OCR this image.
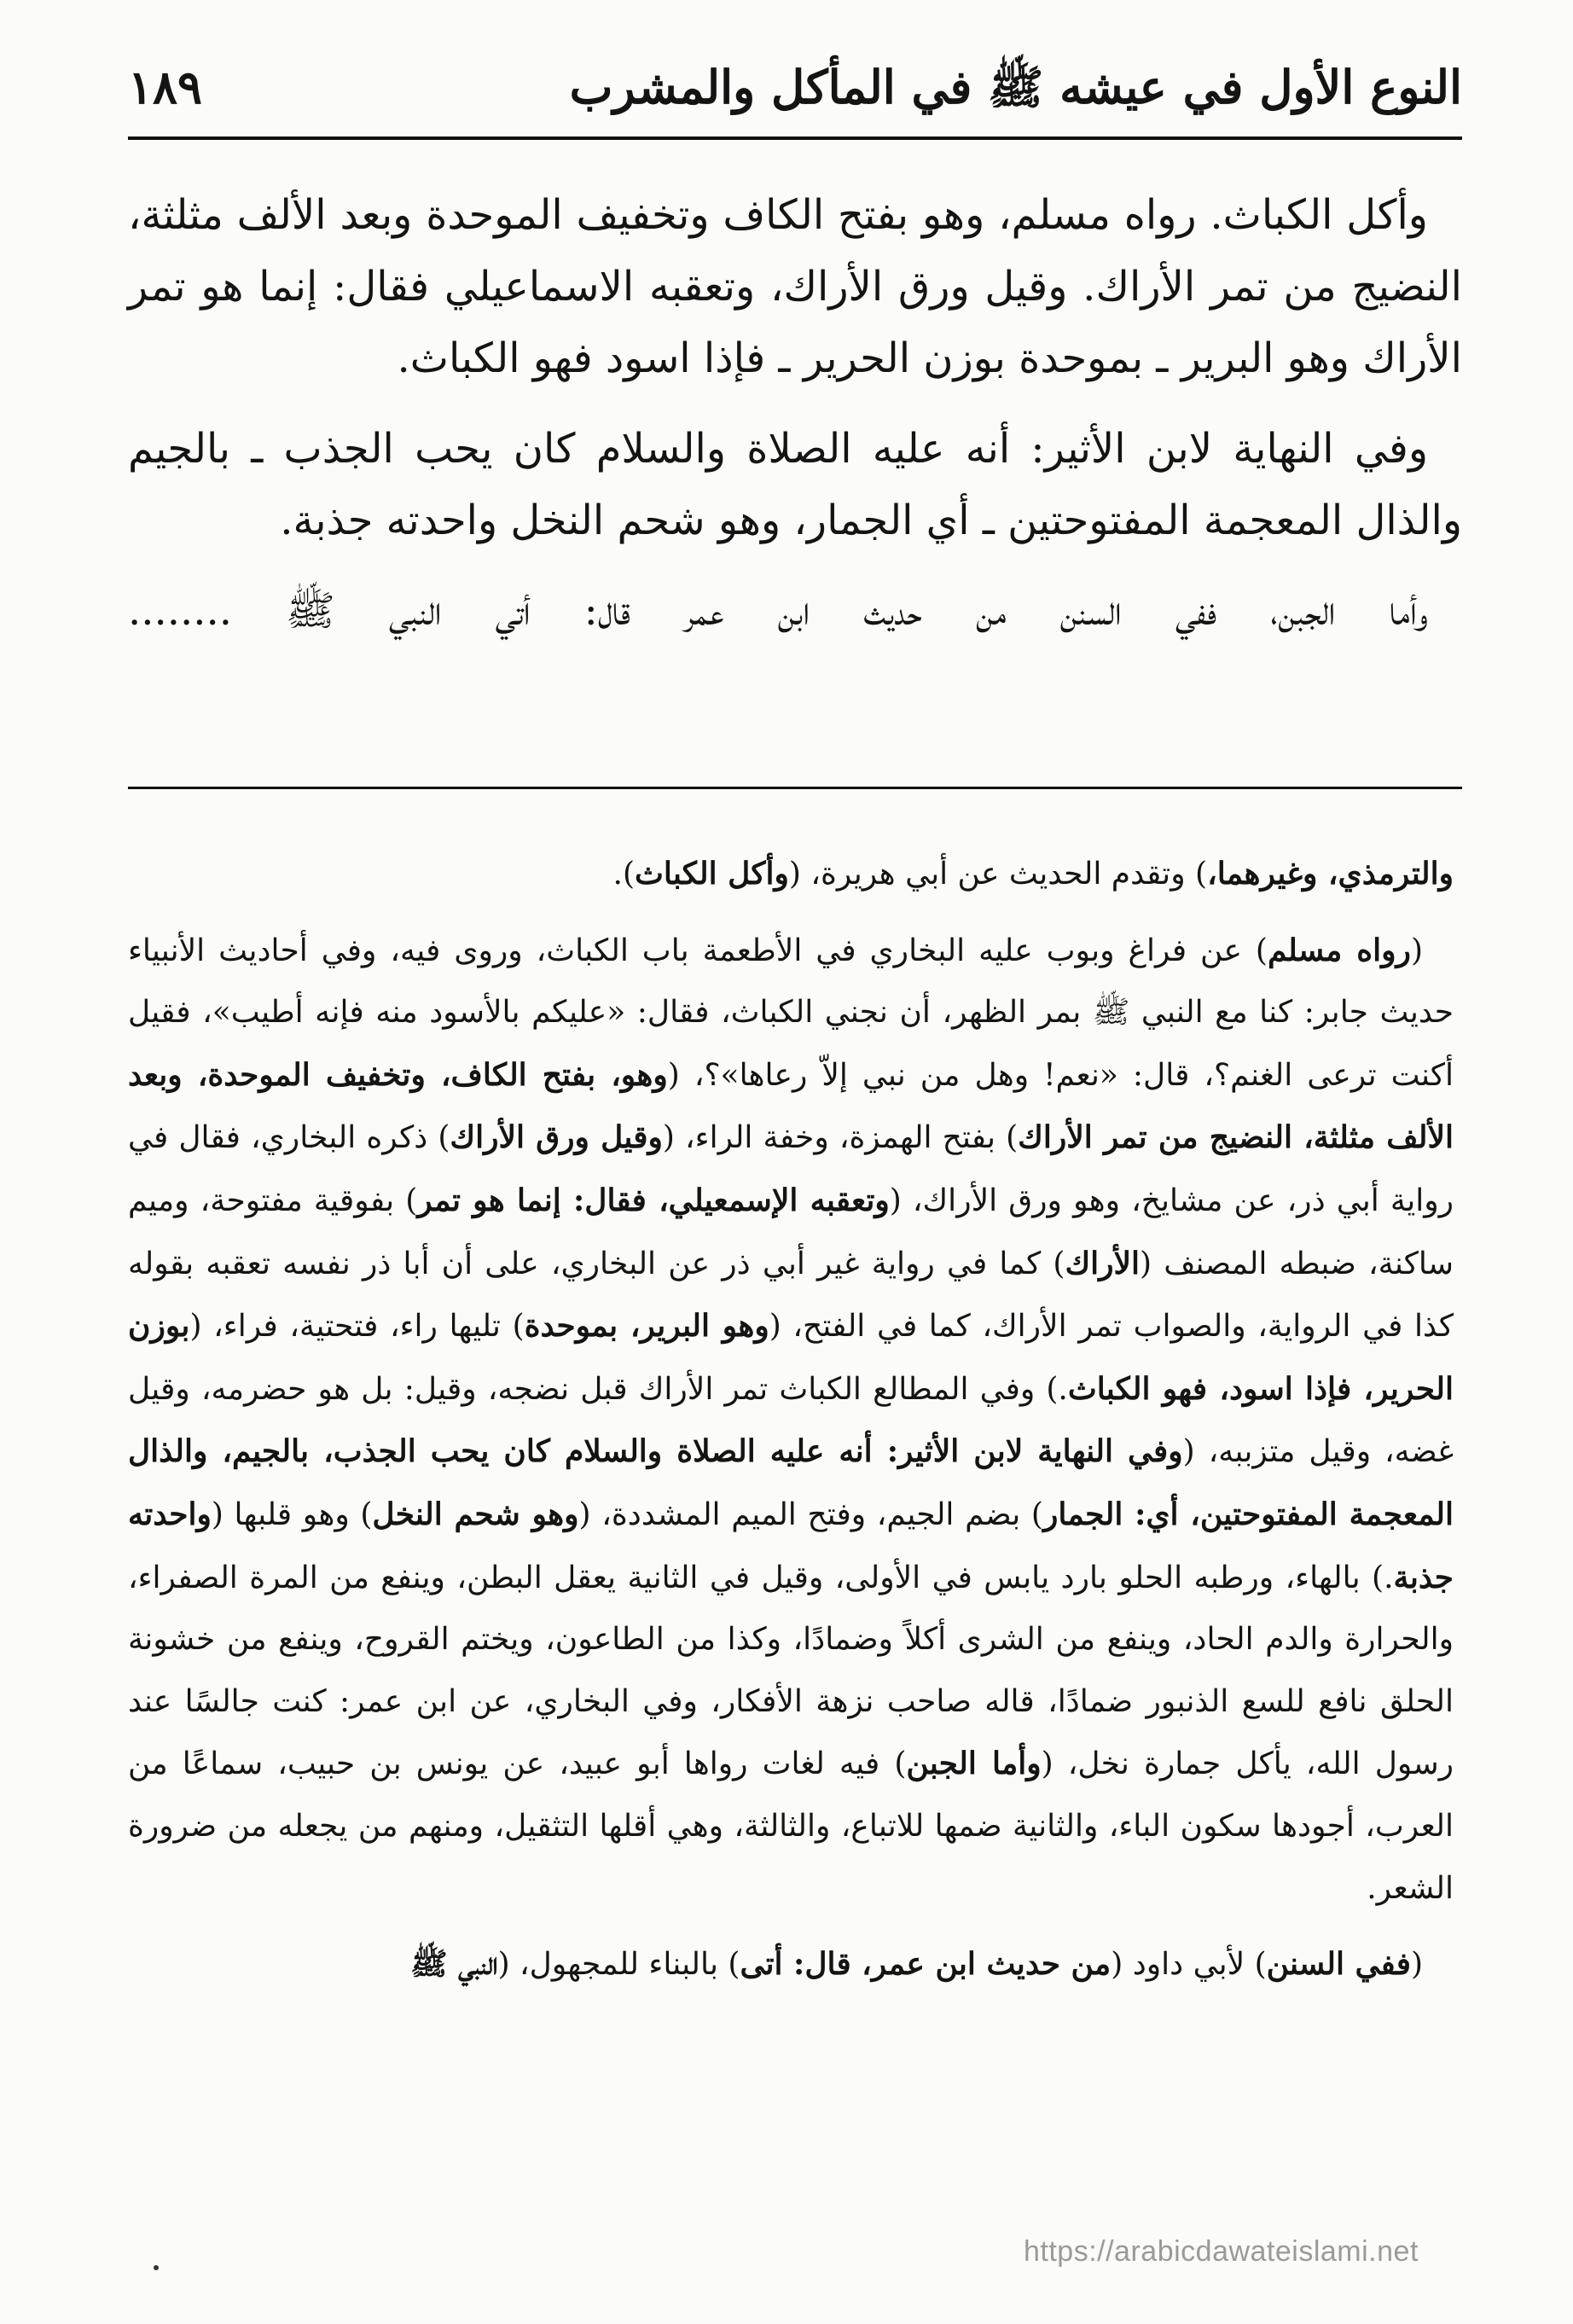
١٨٩	النوع الأول في عيشه ﷺ في المأكل والمشرب

وأكل الكباث. رواه مسلم، وهو بفتح الكاف وتخفيف الموحدة وبعد الألف مثلثة، النضيج من تمر الأراك. وقيل ورق الأراك، وتعقبه الاسماعيلي فقال: إنما هو تمر الأراك وهو البرير ـ بموحدة بوزن الحرير ـ فإذا اسود فهو الكباث.

وفي النهاية لابن الأثير: أنه عليه الصلاة والسلام كان يحب الجذب ـ بالجيم والذال المعجمة المفتوحتين ـ أي الجمار، وهو شحم النخل واحدته جذبة.

وأما الجبن، ففي السنن من حديث ابن عمر قال: أتي النبي ﷺ ........

والترمذي، وغيرهما،) وتقدم الحديث عن أبي هريرة، (وأكل الكباث).

(رواه مسلم) عن فراغ وبوب عليه البخاري في الأطعمة باب الكباث، وروى فيه، وفي أحاديث الأنبياء حديث جابر: كنا مع النبي ﷺ بمر الظهر، أن نجني الكباث، فقال: «عليكم بالأسود منه فإنه أطيب»، فقيل أكنت ترعى الغنم؟، قال: «نعم! وهل من نبي إلاّ رعاها»؟، (وهو، بفتح الكاف، وتخفيف الموحدة، وبعد الألف مثلثة، النضيج من تمر الأراك) بفتح الهمزة، وخفة الراء، (وقيل ورق الأراك) ذكره البخاري، فقال في رواية أبي ذر، عن مشايخ، وهو ورق الأراك، (وتعقبه الإسمعيلي، فقال: إنما هو تمر) بفوقية مفتوحة، وميم ساكنة، ضبطه المصنف (الأراك) كما في رواية غير أبي ذر عن البخاري، على أن أبا ذر نفسه تعقبه بقوله كذا في الرواية، والصواب تمر الأراك، كما في الفتح، (وهو البرير، بموحدة) تليها راء، فتحتية، فراء، (بوزن الحرير، فإذا اسود، فهو الكباث.) وفي المطالع الكباث تمر الأراك قبل نضجه، وقيل: بل هو حضرمه، وقيل غضه، وقيل متزببه، (وفي النهاية لابن الأثير: أنه عليه الصلاة والسلام كان يحب الجذب، بالجيم، والذال المعجمة المفتوحتين، أي: الجمار) بضم الجيم، وفتح الميم المشددة، (وهو شحم النخل) وهو قلبها (واحدته جذبة.) بالهاء، ورطبه الحلو بارد يابس في الأولى، وقيل في الثانية يعقل البطن، وينفع من المرة الصفراء، والحرارة والدم الحاد، وينفع من الشرى أكلاً وضمادًا، وكذا من الطاعون، ويختم القروح، وينفع من خشونة الحلق نافع للسع الذنبور ضمادًا، قاله صاحب نزهة الأفكار، وفي البخاري، عن ابن عمر: كنت جالسًا عند رسول الله، يأكل جمارة نخل، (وأما الجبن) فيه لغات رواها أبو عبيد، عن يونس بن حبيب، سماعًا من العرب، أجودها سكون الباء، والثانية ضمها للاتباع، والثالثة، وهي أقلها التثقيل، ومنهم من يجعله من ضرورة الشعر.

(ففي السنن) لأبي داود (من حديث ابن عمر، قال: أتى) بالبناء للمجهول، (النبي ﷺ

https://arabicdawateislami.net
